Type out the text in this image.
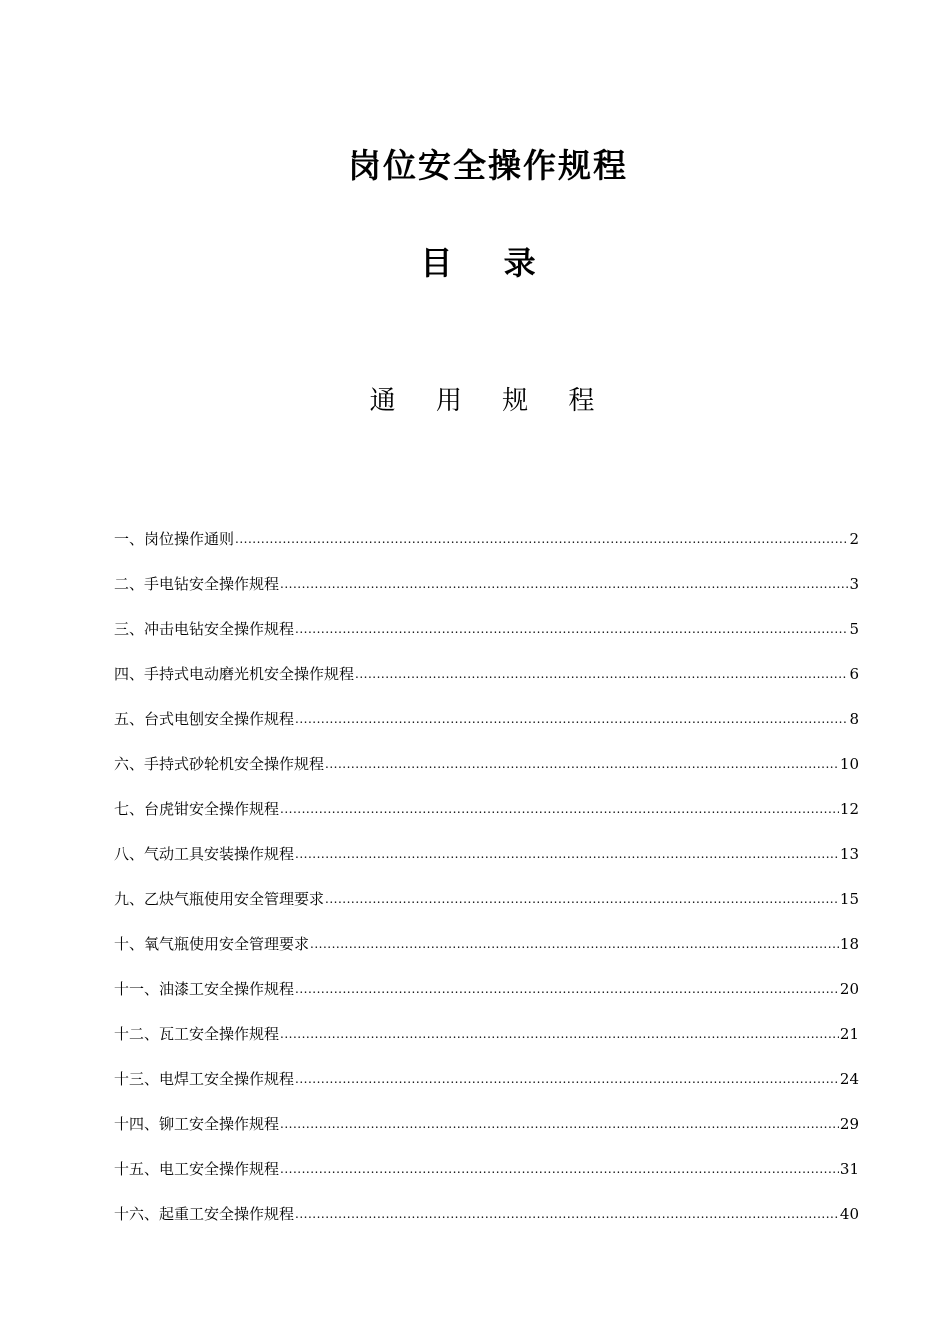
岗位安全操作规程
目 录
通 用 规 程
一、岗位操作通则 .....	2
二、手电钻安全操作规程 .....	3
三、冲击电钻安全操作规程 .....	5
四、手持式电动磨光机安全操作规程 .....	6
五、台式电刨安全操作规程 .....	8
六、手持式砂轮机安全操作规程 .....	10
七、台虎钳安全操作规程 .....	12
八、气动工具安装操作规程 .....	13
九、乙炔气瓶使用安全管理要求 .....	15
十、氧气瓶使用安全管理要求 .....	18
十一、油漆工安全操作规程 .....	20
十二、瓦工安全操作规程 .....	21
十三、电焊工安全操作规程 .....	24
十四、铆工安全操作规程 .....	29
十五、电工安全操作规程 .....	31
十六、起重工安全操作规程 .....	40
